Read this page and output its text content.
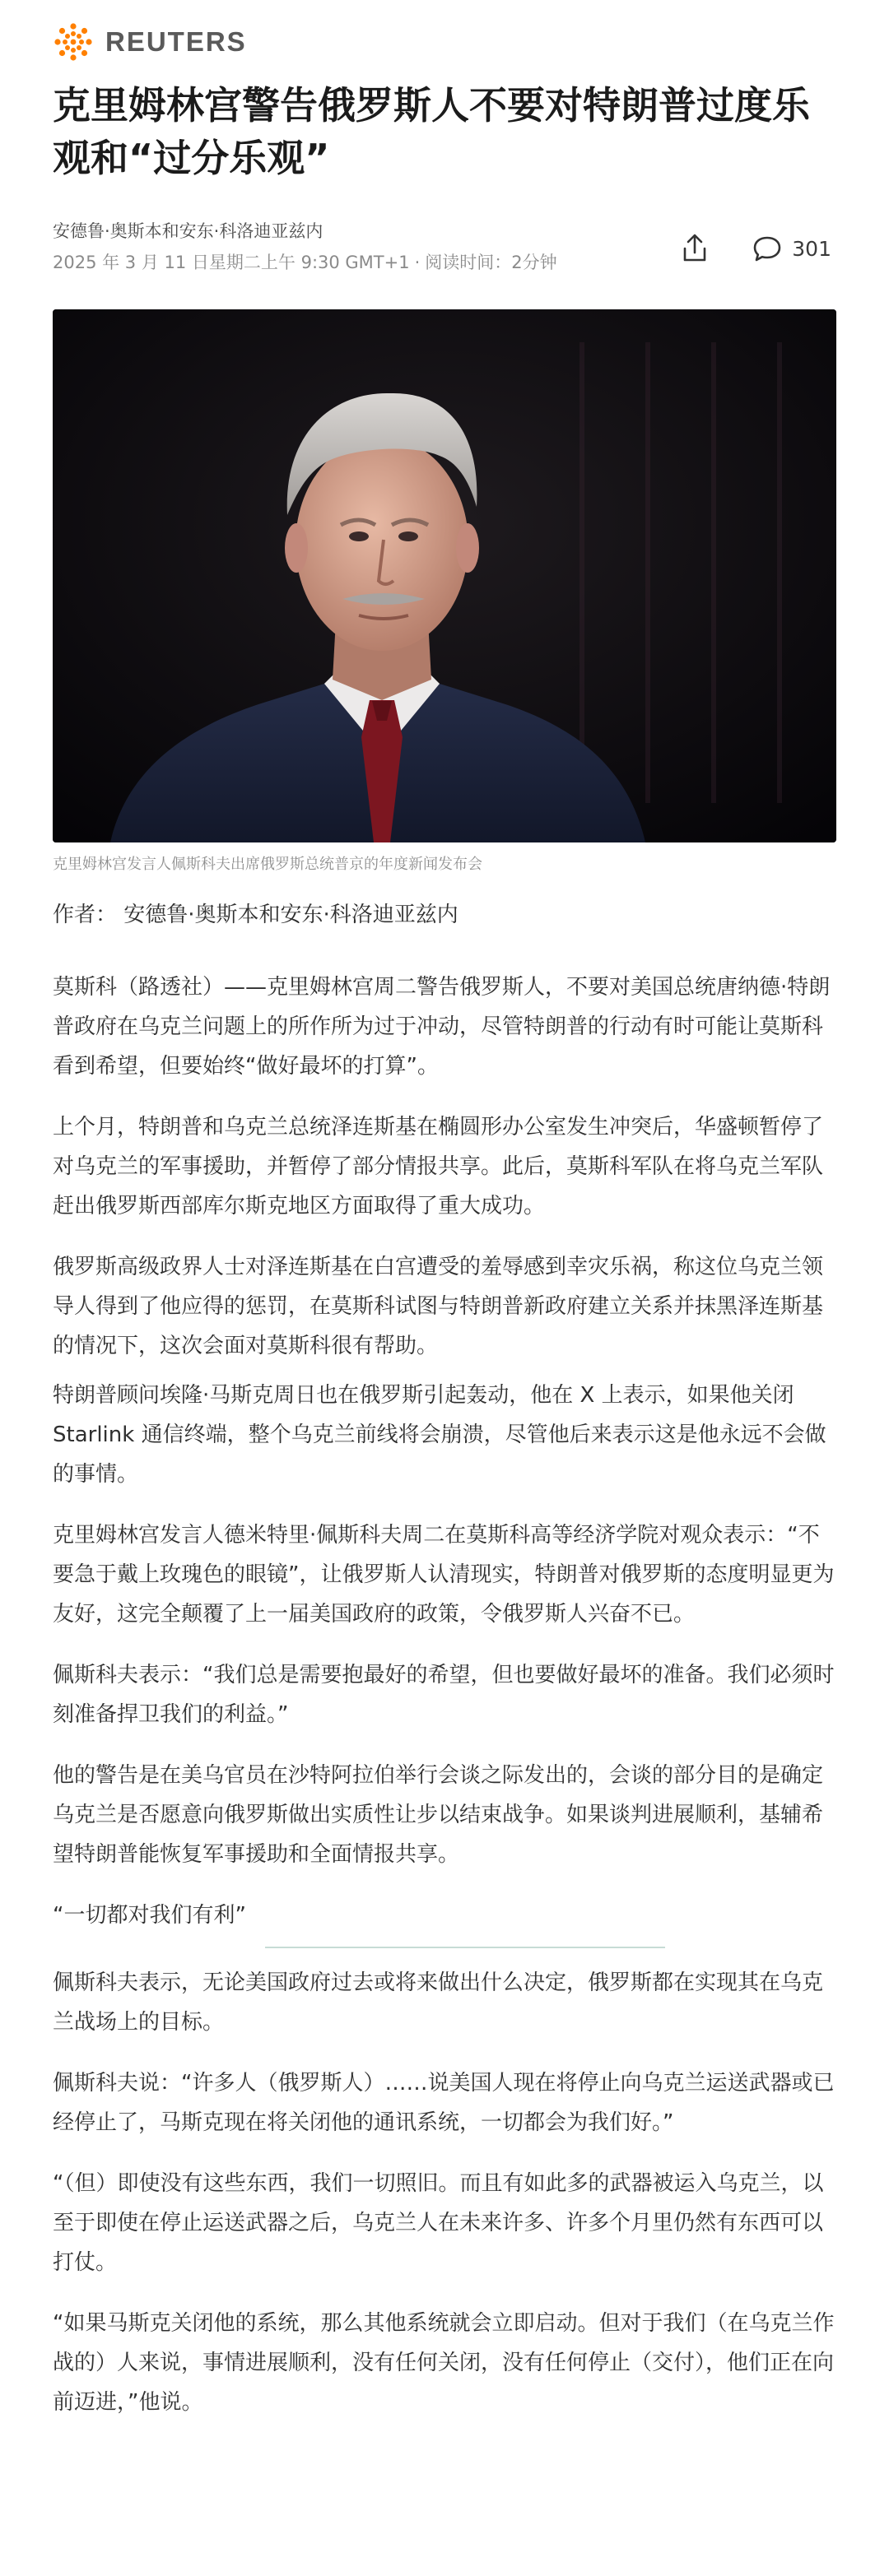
REUTERS
克里姆林宫警告俄罗斯人不要对特朗普过度乐观和“过分乐观”
安德鲁·奥斯本和安东·科洛迪亚兹内
2025 年 3 月 11 日星期二上午 9:30 GMT+1 · 阅读时间：2分钟
301
克里姆林宫发言人佩斯科夫出席俄罗斯总统普京的年度新闻发布会

作者： 安德鲁·奥斯本和安东·科洛迪亚兹内

莫斯科（路透社）——克里姆林宫周二警告俄罗斯人，不要对美国总统唐纳德·特朗普政府在乌克兰问题上的所作所为过于冲动，尽管特朗普的行动有时可能让莫斯科看到希望，但要始终“做好最坏的打算”。

上个月，特朗普和乌克兰总统泽连斯基在椭圆形办公室发生冲突后，华盛顿暂停了对乌克兰的军事援助，并暂停了部分情报共享。此后，莫斯科军队在将乌克兰军队赶出俄罗斯西部库尔斯克地区方面取得了重大成功。

俄罗斯高级政界人士对泽连斯基在白宫遭受的羞辱感到幸灾乐祸，称这位乌克兰领导人得到了他应得的惩罚，在莫斯科试图与特朗普新政府建立关系并抹黑泽连斯基的情况下，这次会面对莫斯科很有帮助。

特朗普顾问埃隆·马斯克周日也在俄罗斯引起轰动，他在 X 上表示，如果他关闭 Starlink 通信终端，整个乌克兰前线将会崩溃，尽管他后来表示这是他永远不会做的事情。

克里姆林宫发言人德米特里·佩斯科夫周二在莫斯科高等经济学院对观众表示：“不要急于戴上玫瑰色的眼镜”，让俄罗斯人认清现实，特朗普对俄罗斯的态度明显更为友好，这完全颠覆了上一届美国政府的政策，令俄罗斯人兴奋不已。

佩斯科夫表示：“我们总是需要抱最好的希望，但也要做好最坏的准备。我们必须时刻准备捍卫我们的利益。”

他的警告是在美乌官员在沙特阿拉伯举行会谈之际发出的，会谈的部分目的是确定乌克兰是否愿意向俄罗斯做出实质性让步以结束战争。如果谈判进展顺利，基辅希望特朗普能恢复军事援助和全面情报共享。

“一切都对我们有利”

佩斯科夫表示，无论美国政府过去或将来做出什么决定，俄罗斯都在实现其在乌克兰战场上的目标。

佩斯科夫说：“许多人（俄罗斯人）……说美国人现在将停止向乌克兰运送武器或已经停止了，马斯克现在将关闭他的通讯系统，一切都会为我们好。”

“（但）即使没有这些东西，我们一切照旧。而且有如此多的武器被运入乌克兰，以至于即使在停止运送武器之后，乌克兰人在未来许多、许多个月里仍然有东西可以打仗。

“如果马斯克关闭他的系统，那么其他系统就会立即启动。但对于我们（在乌克兰作战的）人来说，事情进展顺利，没有任何关闭，没有任何停止（交付），他们正在向前迈进，”他说。
